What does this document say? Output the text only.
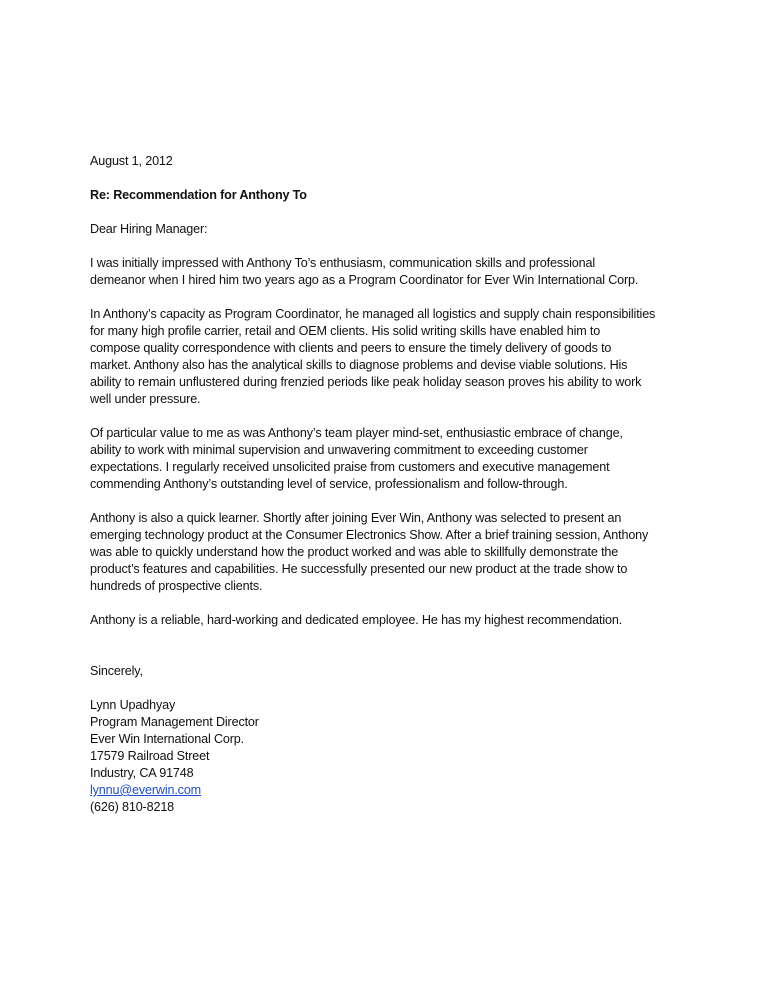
August 1, 2012
Re: Recommendation for Anthony To
Dear Hiring Manager:
I was initially impressed with Anthony To’s enthusiasm, communication skills and professional
demeanor when I hired him two years ago as a Program Coordinator for Ever Win International Corp.
In Anthony’s capacity as Program Coordinator, he managed all logistics and supply chain responsibilities
for many high profile carrier, retail and OEM clients. His solid writing skills have enabled him to
compose quality correspondence with clients and peers to ensure the timely delivery of goods to
market. Anthony also has the analytical skills to diagnose problems and devise viable solutions. His
ability to remain unflustered during frenzied periods like peak holiday season proves his ability to work
well under pressure.
Of particular value to me as was Anthony’s team player mind-set, enthusiastic embrace of change,
ability to work with minimal supervision and unwavering commitment to exceeding customer
expectations. I regularly received unsolicited praise from customers and executive management
commending Anthony’s outstanding level of service, professionalism and follow-through.
Anthony is also a quick learner. Shortly after joining Ever Win, Anthony was selected to present an
emerging technology product at the Consumer Electronics Show. After a brief training session, Anthony
was able to quickly understand how the product worked and was able to skillfully demonstrate the
product’s features and capabilities. He successfully presented our new product at the trade show to
hundreds of prospective clients.
Anthony is a reliable, hard-working and dedicated employee. He has my highest recommendation.
Sincerely,
Lynn Upadhyay
Program Management Director
Ever Win International Corp.
17579 Railroad Street
Industry, CA 91748
lynnu@everwin.com
(626) 810-8218
